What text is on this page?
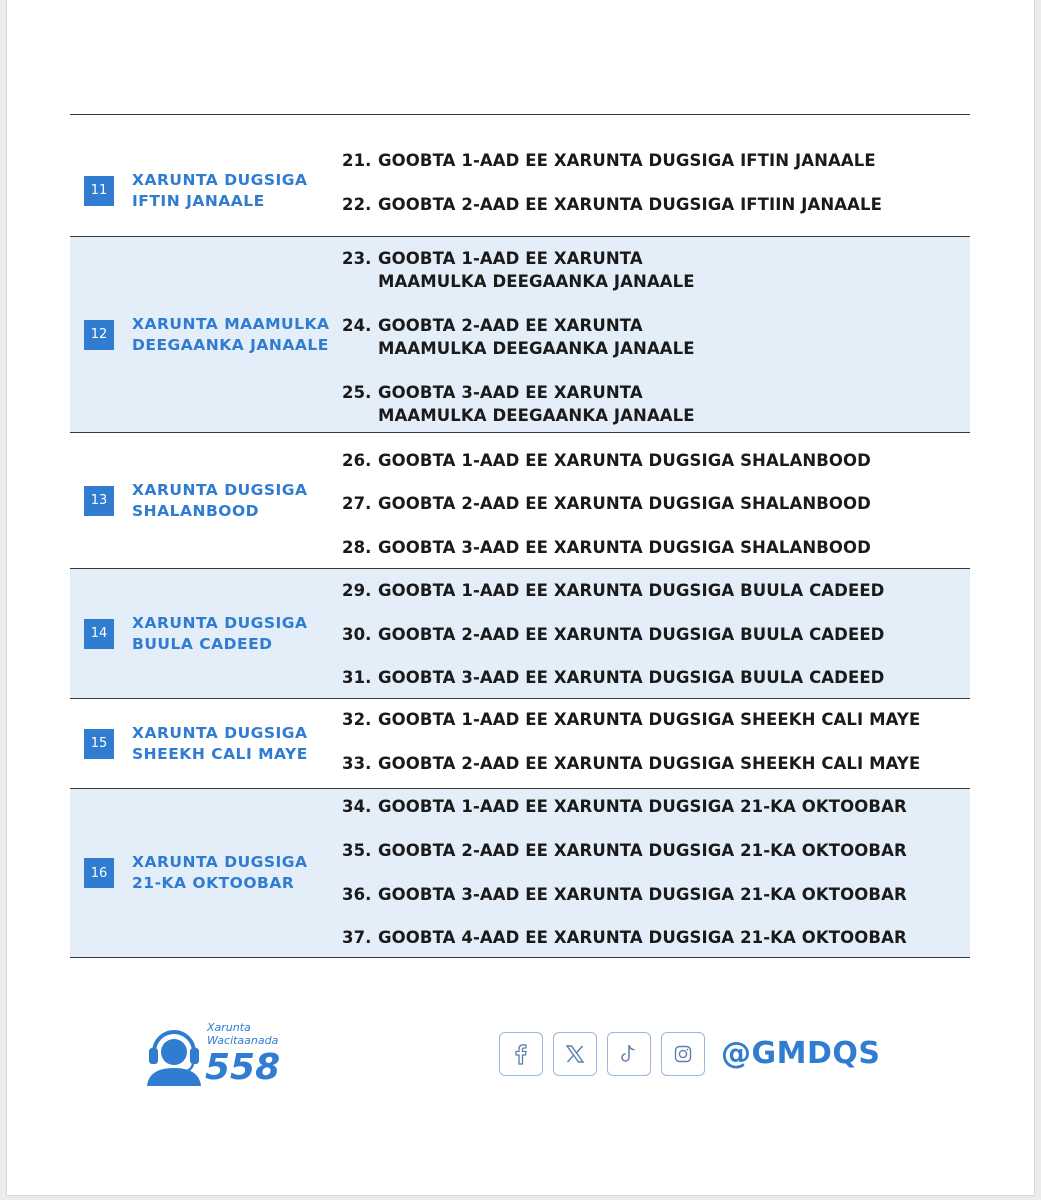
11
XARUNTA DUGSIGA IFTIN JANAALE
21. GOOBTA 1-AAD EE XARUNTA DUGSIGA IFTIN JANAALE
22. GOOBTA 2-AAD EE XARUNTA DUGSIGA IFTIIN JANAALE
12
XARUNTA MAAMULKA DEEGAANKA JANAALE
23. GOOBTA 1-AAD EE XARUNTA
MAAMULKA DEEGAANKA JANAALE
24. GOOBTA 2-AAD EE XARUNTA
MAAMULKA DEEGAANKA JANAALE
25. GOOBTA 3-AAD EE XARUNTA
MAAMULKA DEEGAANKA JANAALE
13
XARUNTA DUGSIGA SHALANBOOD
26. GOOBTA 1-AAD EE XARUNTA DUGSIGA SHALANBOOD
27. GOOBTA 2-AAD EE XARUNTA DUGSIGA SHALANBOOD
28. GOOBTA 3-AAD EE XARUNTA DUGSIGA SHALANBOOD
14
XARUNTA DUGSIGA BUULA CADEED
29. GOOBTA 1-AAD EE XARUNTA DUGSIGA BUULA CADEED
30. GOOBTA 2-AAD EE XARUNTA DUGSIGA BUULA CADEED
31. GOOBTA 3-AAD EE XARUNTA DUGSIGA BUULA CADEED
15
XARUNTA DUGSIGA SHEEKH CALI MAYE
32. GOOBTA 1-AAD EE XARUNTA DUGSIGA SHEEKH CALI MAYE
33. GOOBTA 2-AAD EE XARUNTA DUGSIGA SHEEKH CALI MAYE
16
XARUNTA DUGSIGA 21-KA OKTOOBAR
34. GOOBTA 1-AAD EE XARUNTA DUGSIGA 21-KA OKTOOBAR
35. GOOBTA 2-AAD EE XARUNTA DUGSIGA 21-KA OKTOOBAR
36. GOOBTA 3-AAD EE XARUNTA DUGSIGA 21-KA OKTOOBAR
37. GOOBTA 4-AAD EE XARUNTA DUGSIGA 21-KA OKTOOBAR
Xarunta
Wacitaanada
558	@GMDQS
